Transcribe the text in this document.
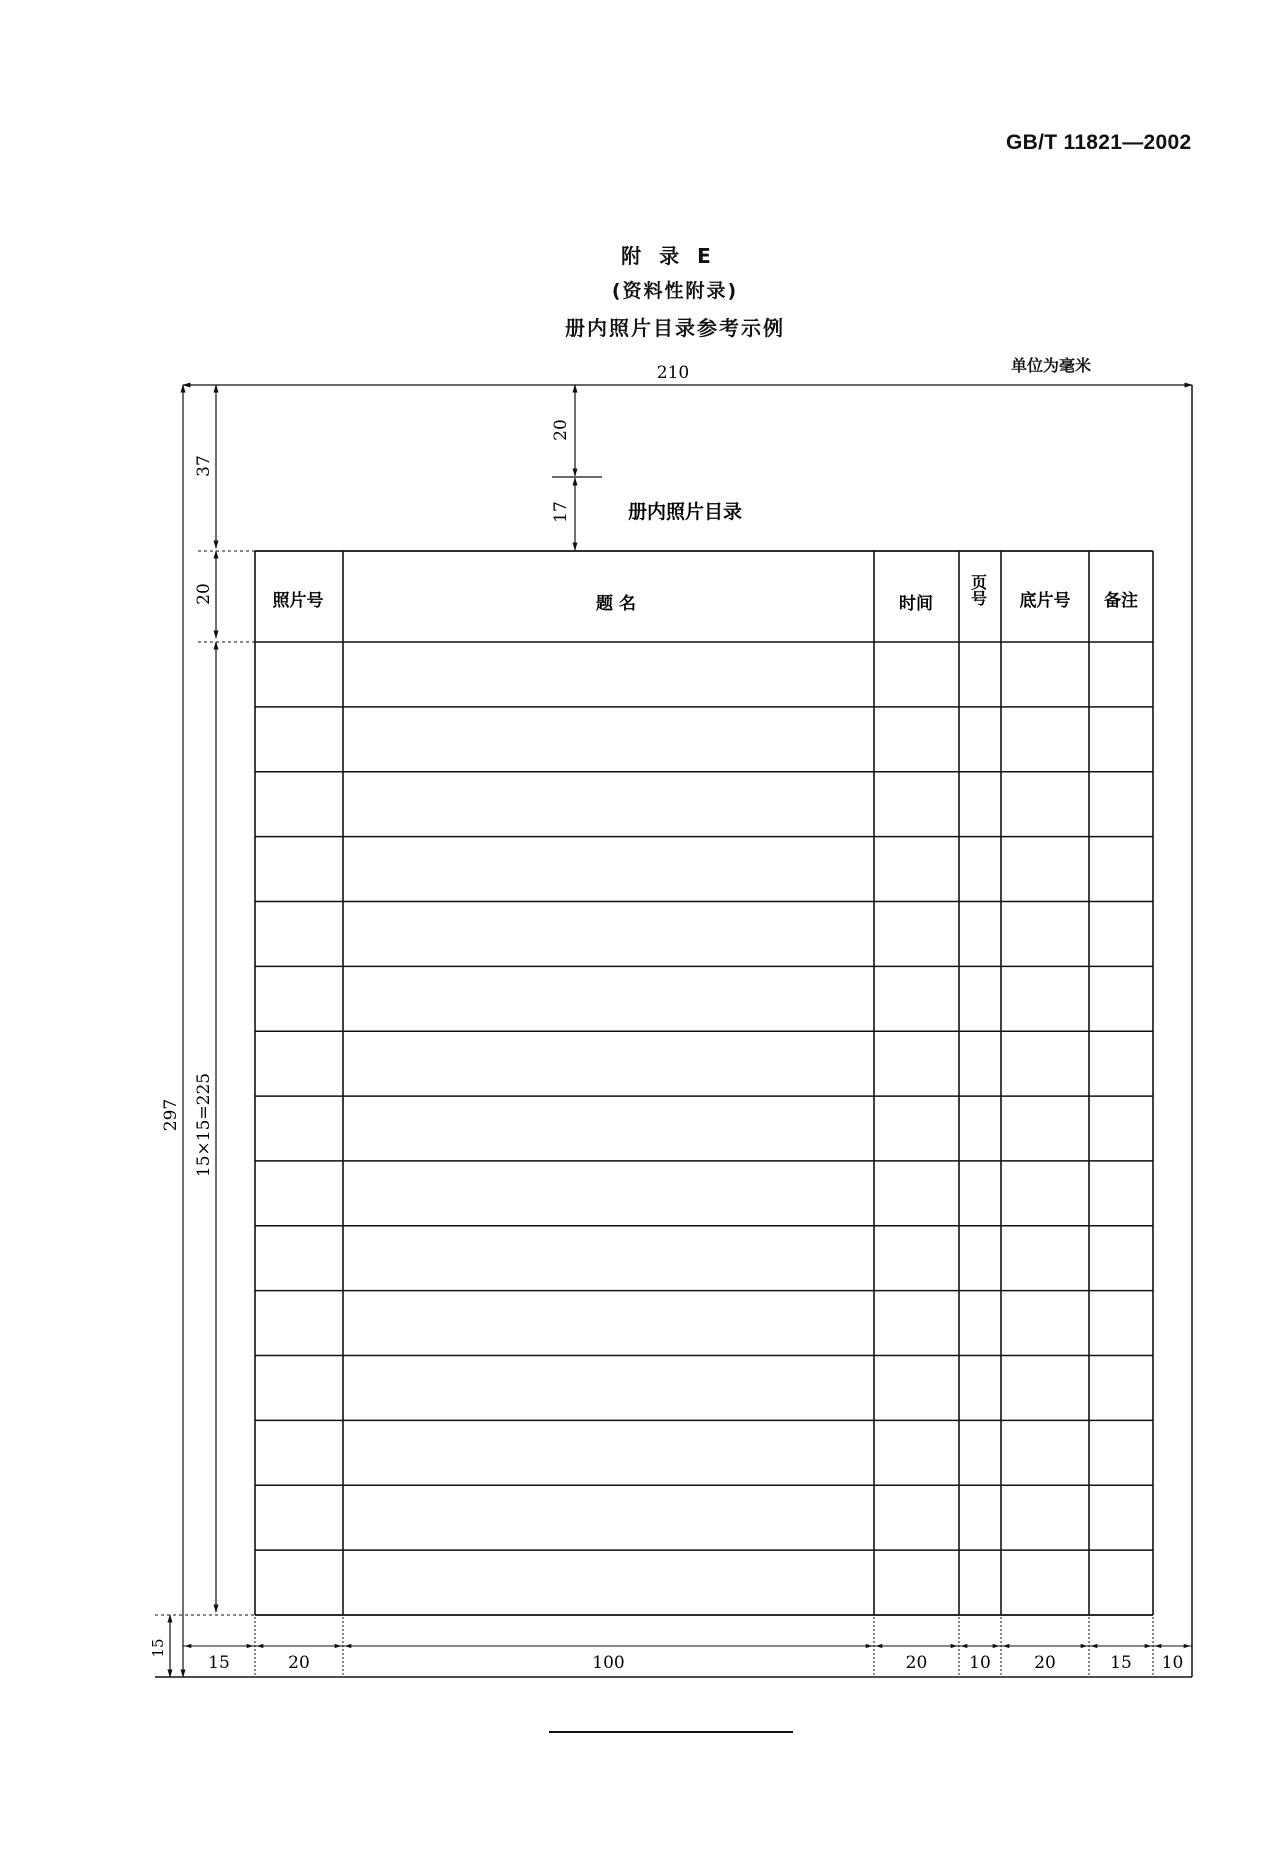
GB/T 11821—2002
附录E
(资料性附录)
册内照片目录参考示例
单位为毫米
210
297
37
20
15×15=225
15
20
17	册内照片目录
照片号	题 名	时间 页号 底片号 备注
15	20	100	20 10	20	15 10
